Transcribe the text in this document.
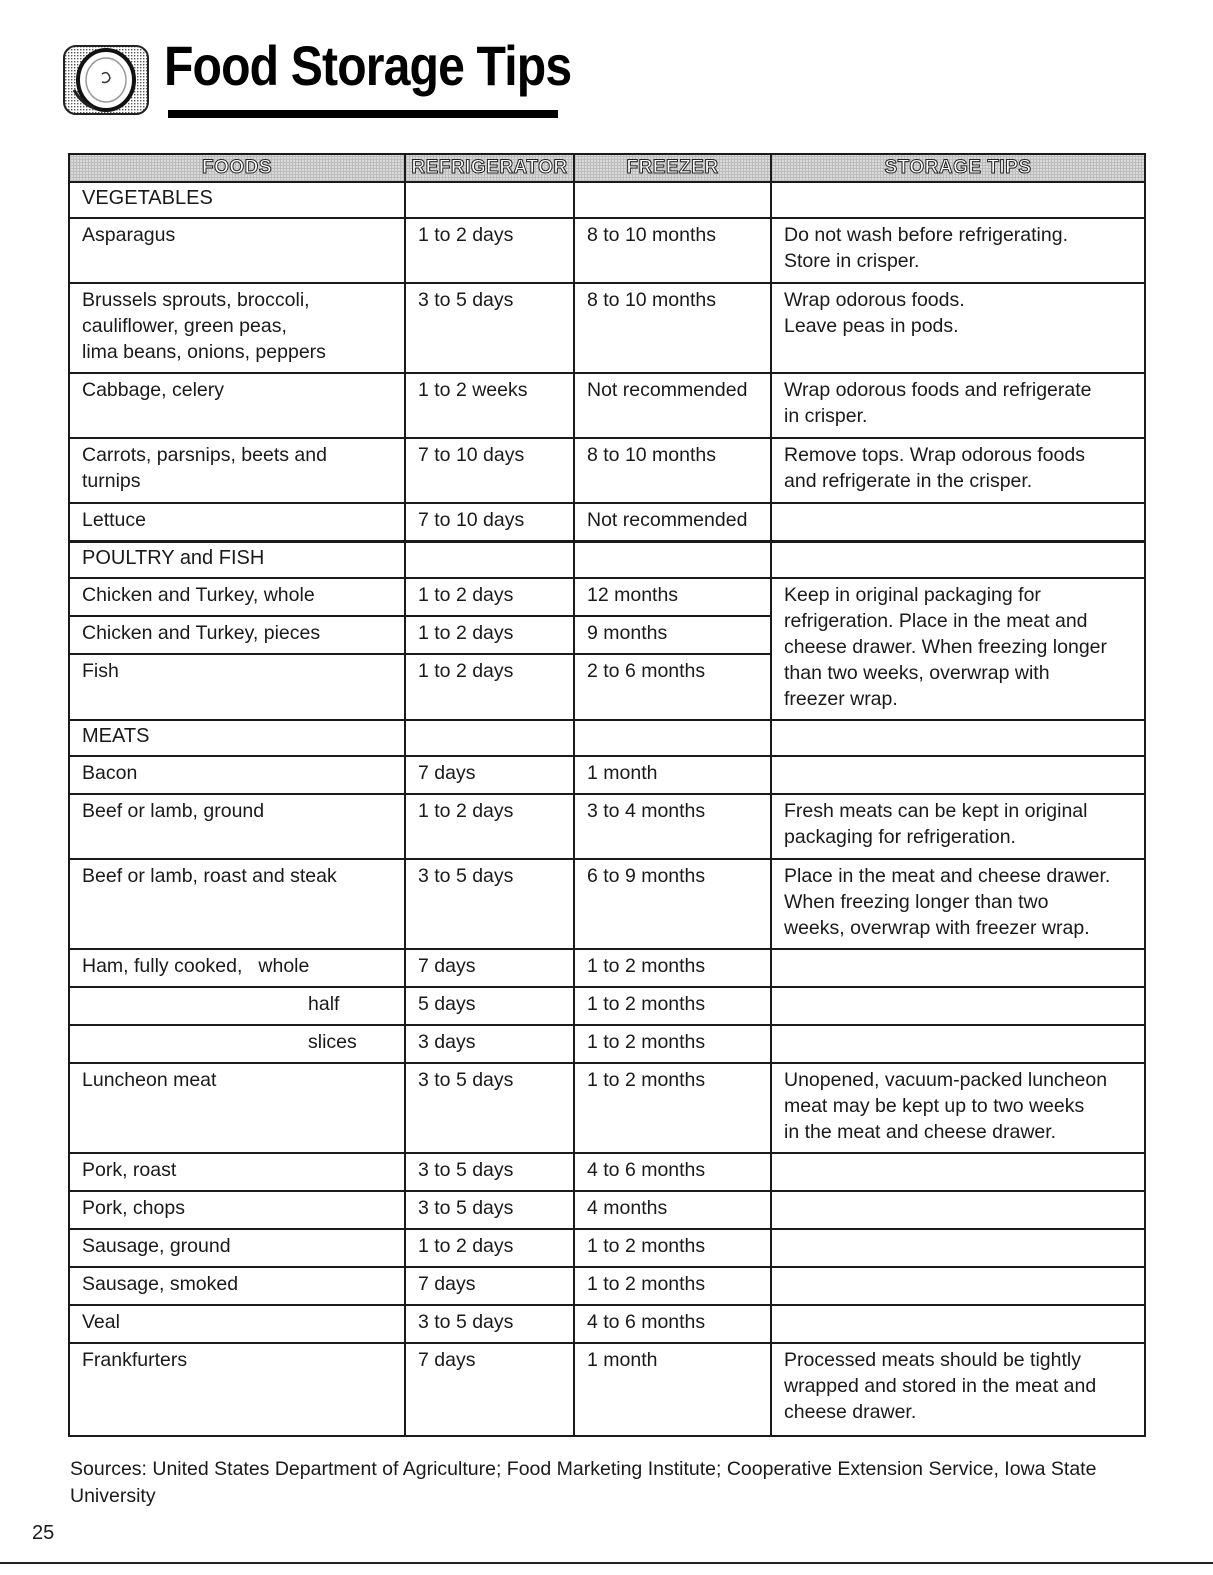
Food Storage Tips
FOODS	REFRIGERATOR	FREEZER	STORAGE TIPS
VEGETABLES			
Asparagus	1 to 2 days	8 to 10 months	Do not wash before refrigerating.
Store in crisper.
Brussels sprouts, broccoli,
cauliflower, green peas,
lima beans, onions, peppers	3 to 5 days	8 to 10 months	Wrap odorous foods.
Leave peas in pods.
Cabbage, celery	1 to 2 weeks	Not recommended	Wrap odorous foods and refrigerate
in crisper.
Carrots, parsnips, beets and
turnips	7 to 10 days	8 to 10 months	Remove tops. Wrap odorous foods
and refrigerate in the crisper.
Lettuce	7 to 10 days	Not recommended	
POULTRY and FISH			
Chicken and Turkey, whole	1 to 2 days	12 months	Keep in original packaging for
refrigeration. Place in the meat and
cheese drawer. When freezing longer
than two weeks, overwrap with
freezer wrap.
Chicken and Turkey, pieces	1 to 2 days	9 months	
Fish	1 to 2 days	2 to 6 months	
MEATS			
Bacon	7 days	1 month	
Beef or lamb, ground	1 to 2 days	3 to 4 months	Fresh meats can be kept in original
packaging for refrigeration.
Beef or lamb, roast and steak	3 to 5 days	6 to 9 months	Place in the meat and cheese drawer.
When freezing longer than two
weeks, overwrap with freezer wrap.
Ham, fully cooked, whole	7 days	1 to 2 months	
half	5 days	1 to 2 months	
slices	3 days	1 to 2 months	
Luncheon meat	3 to 5 days	1 to 2 months	Unopened, vacuum-packed luncheon
meat may be kept up to two weeks
in the meat and cheese drawer.
Pork, roast	3 to 5 days	4 to 6 months	
Pork, chops	3 to 5 days	4 months	
Sausage, ground	1 to 2 days	1 to 2 months	
Sausage, smoked	7 days	1 to 2 months	
Veal	3 to 5 days	4 to 6 months	
Frankfurters	7 days	1 month	Processed meats should be tightly
wrapped and stored in the meat and
cheese drawer.
Sources: United States Department of Agriculture; Food Marketing Institute; Cooperative Extension Service, Iowa State University
25
